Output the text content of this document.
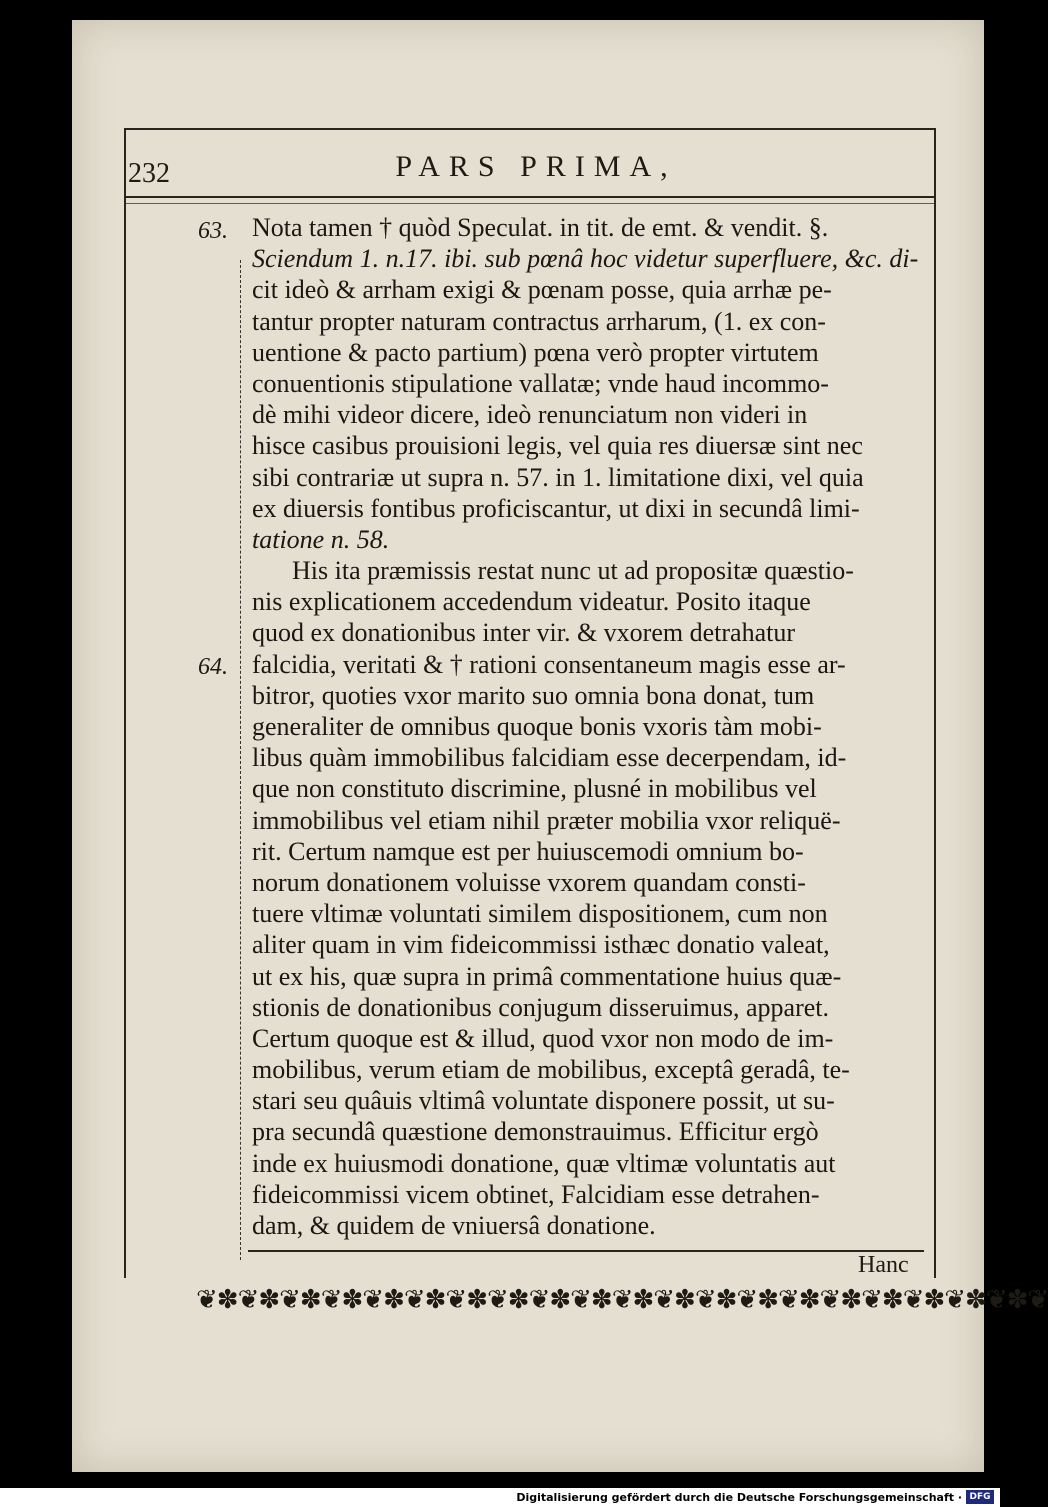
232	PARS PRIMA,
63.
64.
Nota tamen † quòd Speculat. in tit. de emt. & vendit. §.
Sciendum 1. n.17. ibi. sub pœnâ hoc videtur superfluere, &c. di-
cit ideò & arrham exigi & pœnam posse, quia arrhæ pe-
tantur propter naturam contractus arrharum, (1. ex con-
uentione & pacto partium) pœna verò propter virtutem
conuentionis stipulatione vallatæ; vnde haud incommo-
dè mihi videor dicere, ideò renunciatum non videri in
hisce casibus prouisioni legis, vel quia res diuersæ sint nec
sibi contrariæ ut supra n. 57. in 1. limitatione dixi, vel quia
ex diuersis fontibus proficiscantur, ut dixi in secundâ limi-
tatione n. 58.
His ita præmissis restat nunc ut ad propositæ quæstio-
nis explicationem accedendum videatur. Posito itaque
quod ex donationibus inter vir. & vxorem detrahatur
falcidia, veritati & † rationi consentaneum magis esse ar-
bitror, quoties vxor marito suo omnia bona donat, tum
generaliter de omnibus quoque bonis vxoris tàm mobi-
libus quàm immobilibus falcidiam esse decerpendam, id-
que non constituto discrimine, plusné in mobilibus vel
immobilibus vel etiam nihil præter mobilia vxor reliquë-
rit. Certum namque est per huiuscemodi omnium bo-
norum donationem voluisse vxorem quandam consti-
tuere vltimæ voluntati similem dispositionem, cum non
aliter quam in vim fideicommissi isthæc donatio valeat,
ut ex his, quæ supra in primâ commentatione huius quæ-
stionis de donationibus conjugum disseruimus, apparet.
Certum quoque est & illud, quod vxor non modo de im-
mobilibus, verum etiam de mobilibus, exceptâ geradâ, te-
stari seu quâuis vltimâ voluntate disponere possit, ut su-
pra secundâ quæstione demonstrauimus. Efficitur ergò
inde ex huiusmodi donatione, quæ vltimæ voluntatis aut
fideicommissi vicem obtinet, Falcidiam esse detrahen-
dam, & quidem de vniuersâ donatione.
Hanc
❦✽❦✽❦✽❦✽❦✽❦✽❦✽❦✽❦✽❦✽❦✽❦✽❦✽❦✽❦✽❦✽❦✽❦✽❦✽❦✽❦
Digitalisierung gefördert durch die Deutsche Forschungsgemeinschaft · DFG
